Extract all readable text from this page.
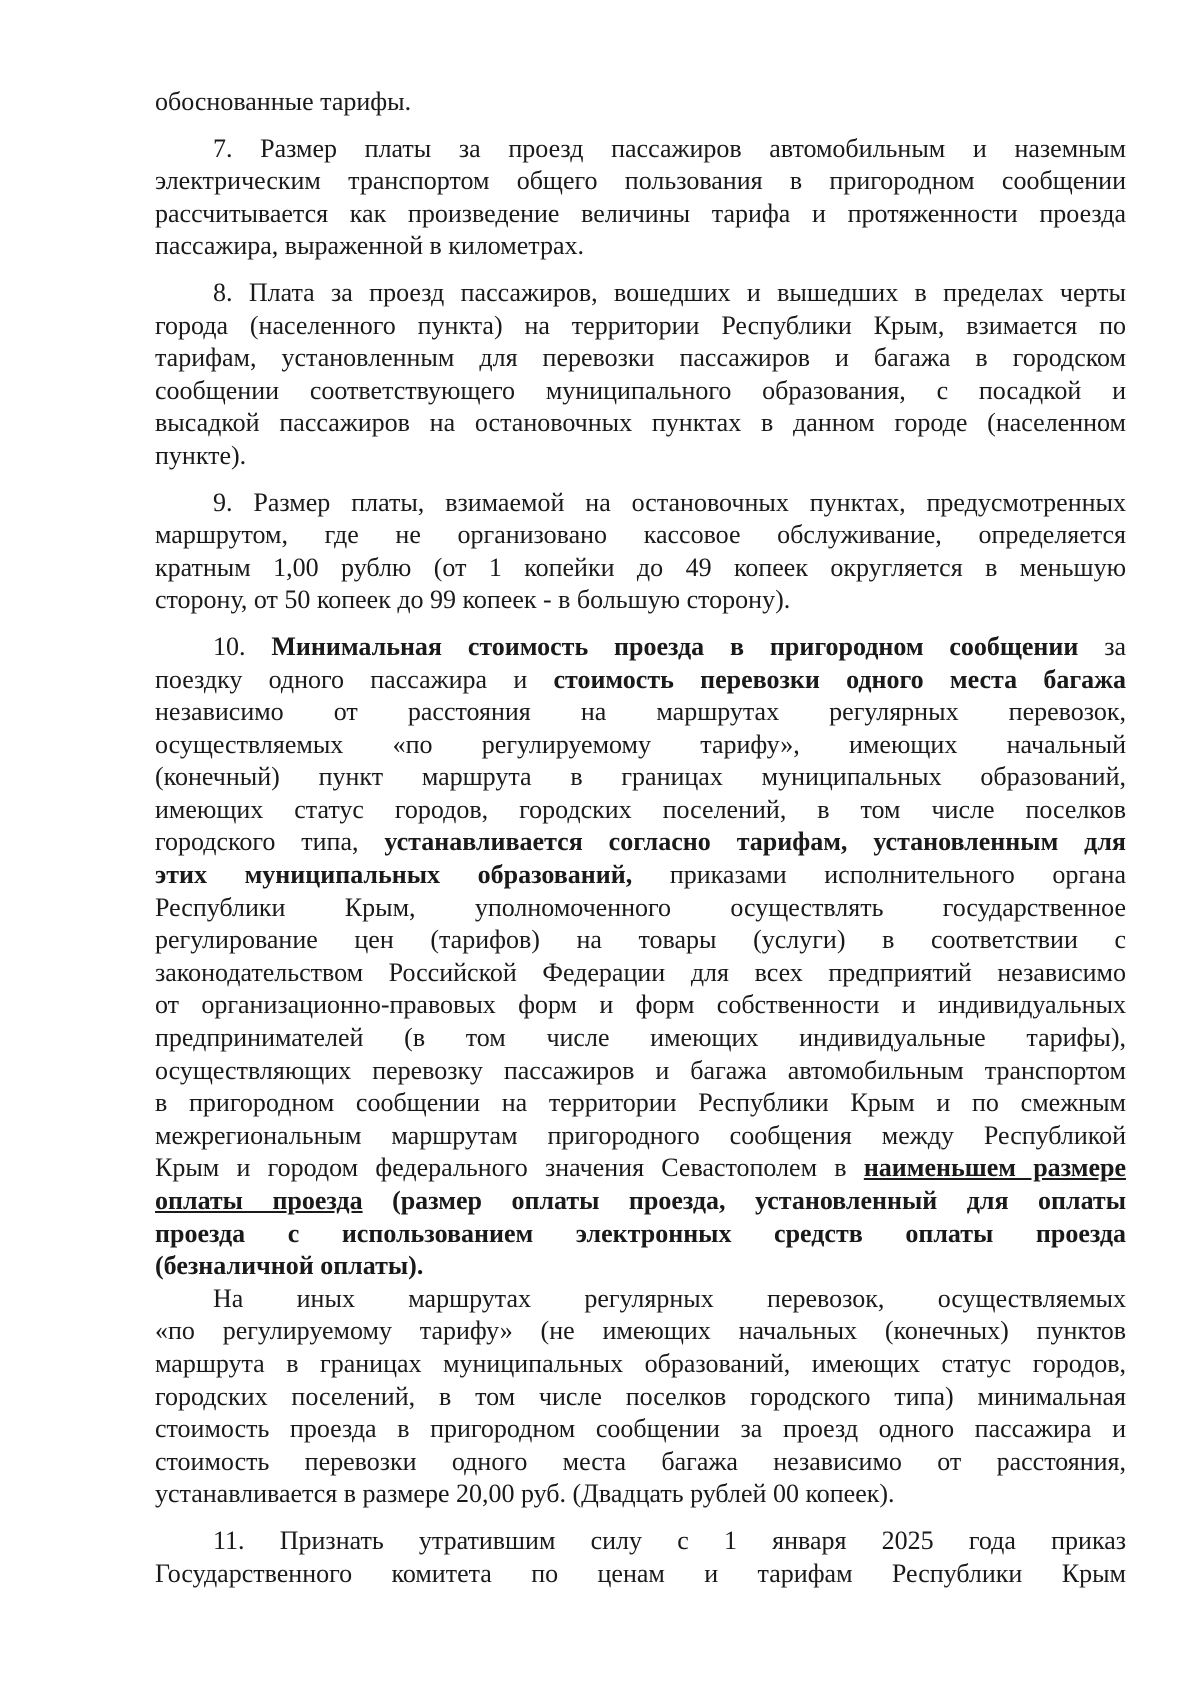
обоснованные тарифы.
7. Размер платы за проезд пассажиров автомобильным и наземным
электрическим транспортом общего пользования в пригородном сообщении
рассчитывается как произведение величины тарифа и протяженности проезда
пассажира, выраженной в километрах.
8. Плата за проезд пассажиров, вошедших и вышедших в пределах черты
города (населенного пункта) на территории Республики Крым, взимается по
тарифам, установленным для перевозки пассажиров и багажа в городском
сообщении соответствующего муниципального образования, с посадкой и
высадкой пассажиров на остановочных пунктах в данном городе (населенном
пункте).
9. Размер платы, взимаемой на остановочных пунктах, предусмотренных
маршрутом, где не организовано кассовое обслуживание, определяется
кратным 1,00 рублю (от 1 копейки до 49 копеек округляется в меньшую
сторону, от 50 копеек до 99 копеек - в большую сторону).
10. Минимальная стоимость проезда в пригородном сообщении за
поездку одного пассажира и стоимость перевозки одного места багажа
независимо от расстояния на маршрутах регулярных перевозок,
осуществляемых «по регулируемому тарифу», имеющих начальный
(конечный) пункт маршрута в границах муниципальных образований,
имеющих статус городов, городских поселений, в том числе поселков
городского типа, устанавливается согласно тарифам, установленным для
этих муниципальных образований, приказами исполнительного органа
Республики Крым, уполномоченного осуществлять государственное
регулирование цен (тарифов) на товары (услуги) в соответствии с
законодательством Российской Федерации для всех предприятий независимо
от организационно-правовых форм и форм собственности и индивидуальных
предпринимателей (в том числе имеющих индивидуальные тарифы),
осуществляющих перевозку пассажиров и багажа автомобильным транспортом
в пригородном сообщении на территории Республики Крым и по смежным
межрегиональным маршрутам пригородного сообщения между Республикой
Крым и городом федерального значения Севастополем в наименьшем размере
оплаты проезда (размер оплаты проезда, установленный для оплаты
проезда с использованием электронных средств оплаты проезда
(безналичной оплаты).
На иных маршрутах регулярных перевозок, осуществляемых
«по регулируемому тарифу» (не имеющих начальных (конечных) пунктов
маршрута в границах муниципальных образований, имеющих статус городов,
городских поселений, в том числе поселков городского типа) минимальная
стоимость проезда в пригородном сообщении за проезд одного пассажира и
стоимость перевозки одного места багажа независимо от расстояния,
устанавливается в размере 20,00 руб. (Двадцать рублей 00 копеек).
11. Признать утратившим силу с 1 января 2025 года приказ
Государственного комитета по ценам и тарифам Республики Крым
